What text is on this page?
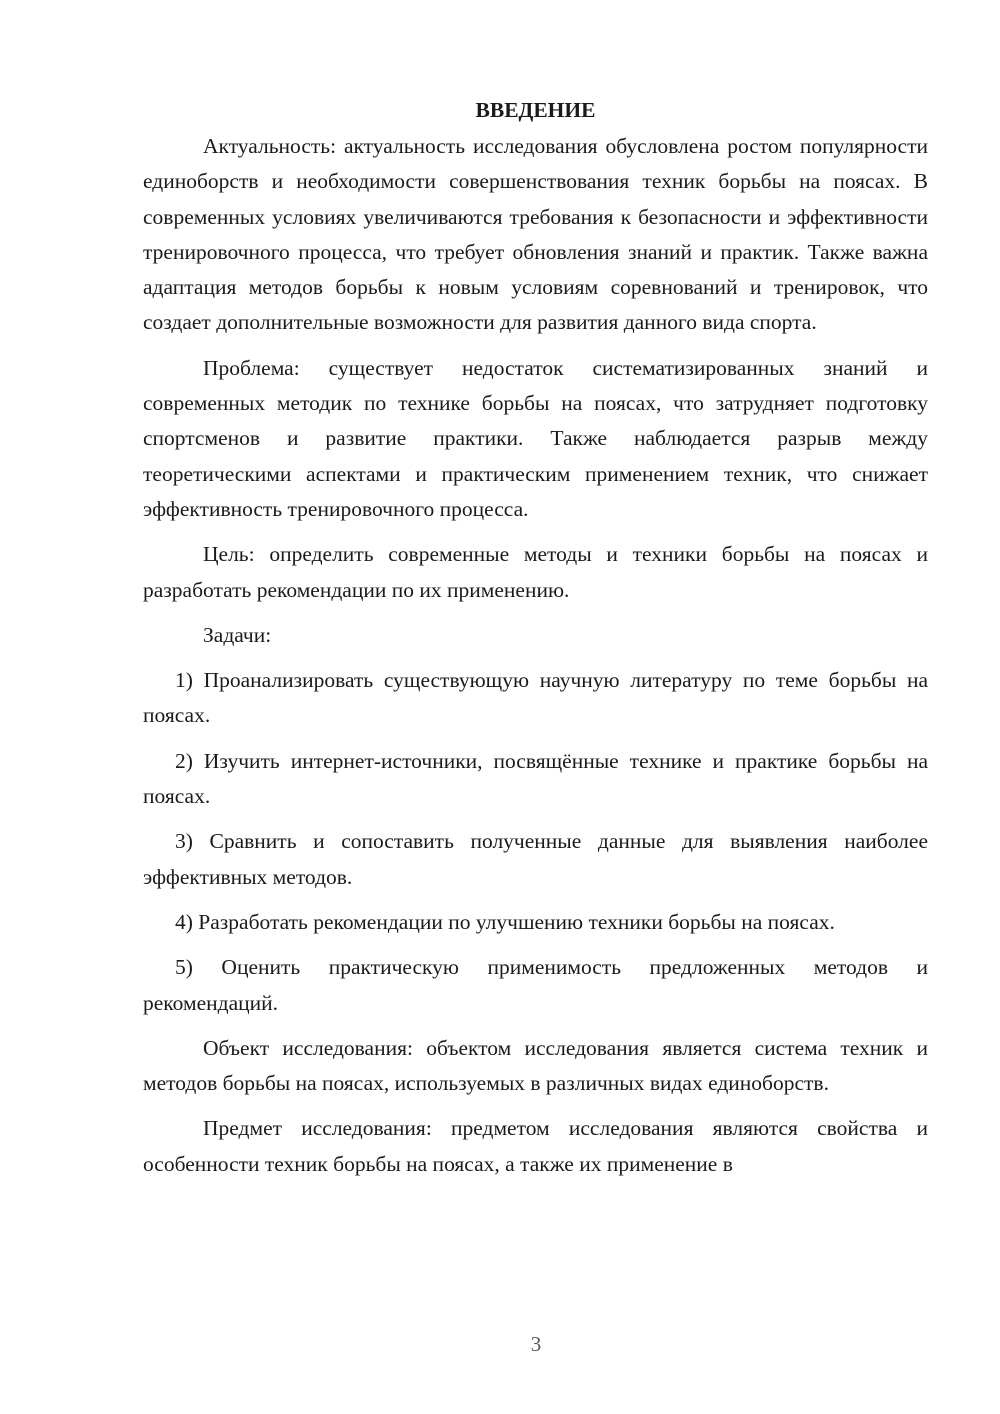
ВВЕДЕНИЕ

Актуальность: актуальность исследования обусловлена ростом популярности единоборств и необходимости совершенствования техник борьбы на поясах. В современных условиях увеличиваются требования к безопасности и эффективности тренировочного процесса, что требует обновления знаний и практик. Также важна адаптация методов борьбы к новым условиям соревнований и тренировок, что создает дополнительные возможности для развития данного вида спорта.

Проблема: существует недостаток систематизированных знаний и современных методик по технике борьбы на поясах, что затрудняет подготовку спортсменов и развитие практики. Также наблюдается разрыв между теоретическими аспектами и практическим применением техник, что снижает эффективность тренировочного процесса.

Цель: определить современные методы и техники борьбы на поясах и разработать рекомендации по их применению.

Задачи:

1) Проанализировать существующую научную литературу по теме борьбы на поясах.

2) Изучить интернет-источники, посвящённые технике и практике борьбы на поясах.

3) Сравнить и сопоставить полученные данные для выявления наиболее эффективных методов.

4) Разработать рекомендации по улучшению техники борьбы на поясах.

5) Оценить практическую применимость предложенных методов и рекомендаций.

Объект исследования: объектом исследования является система техник и методов борьбы на поясах, используемых в различных видах единоборств.

Предмет исследования: предметом исследования являются свойства и особенности техник борьбы на поясах, а также их применение в

3
